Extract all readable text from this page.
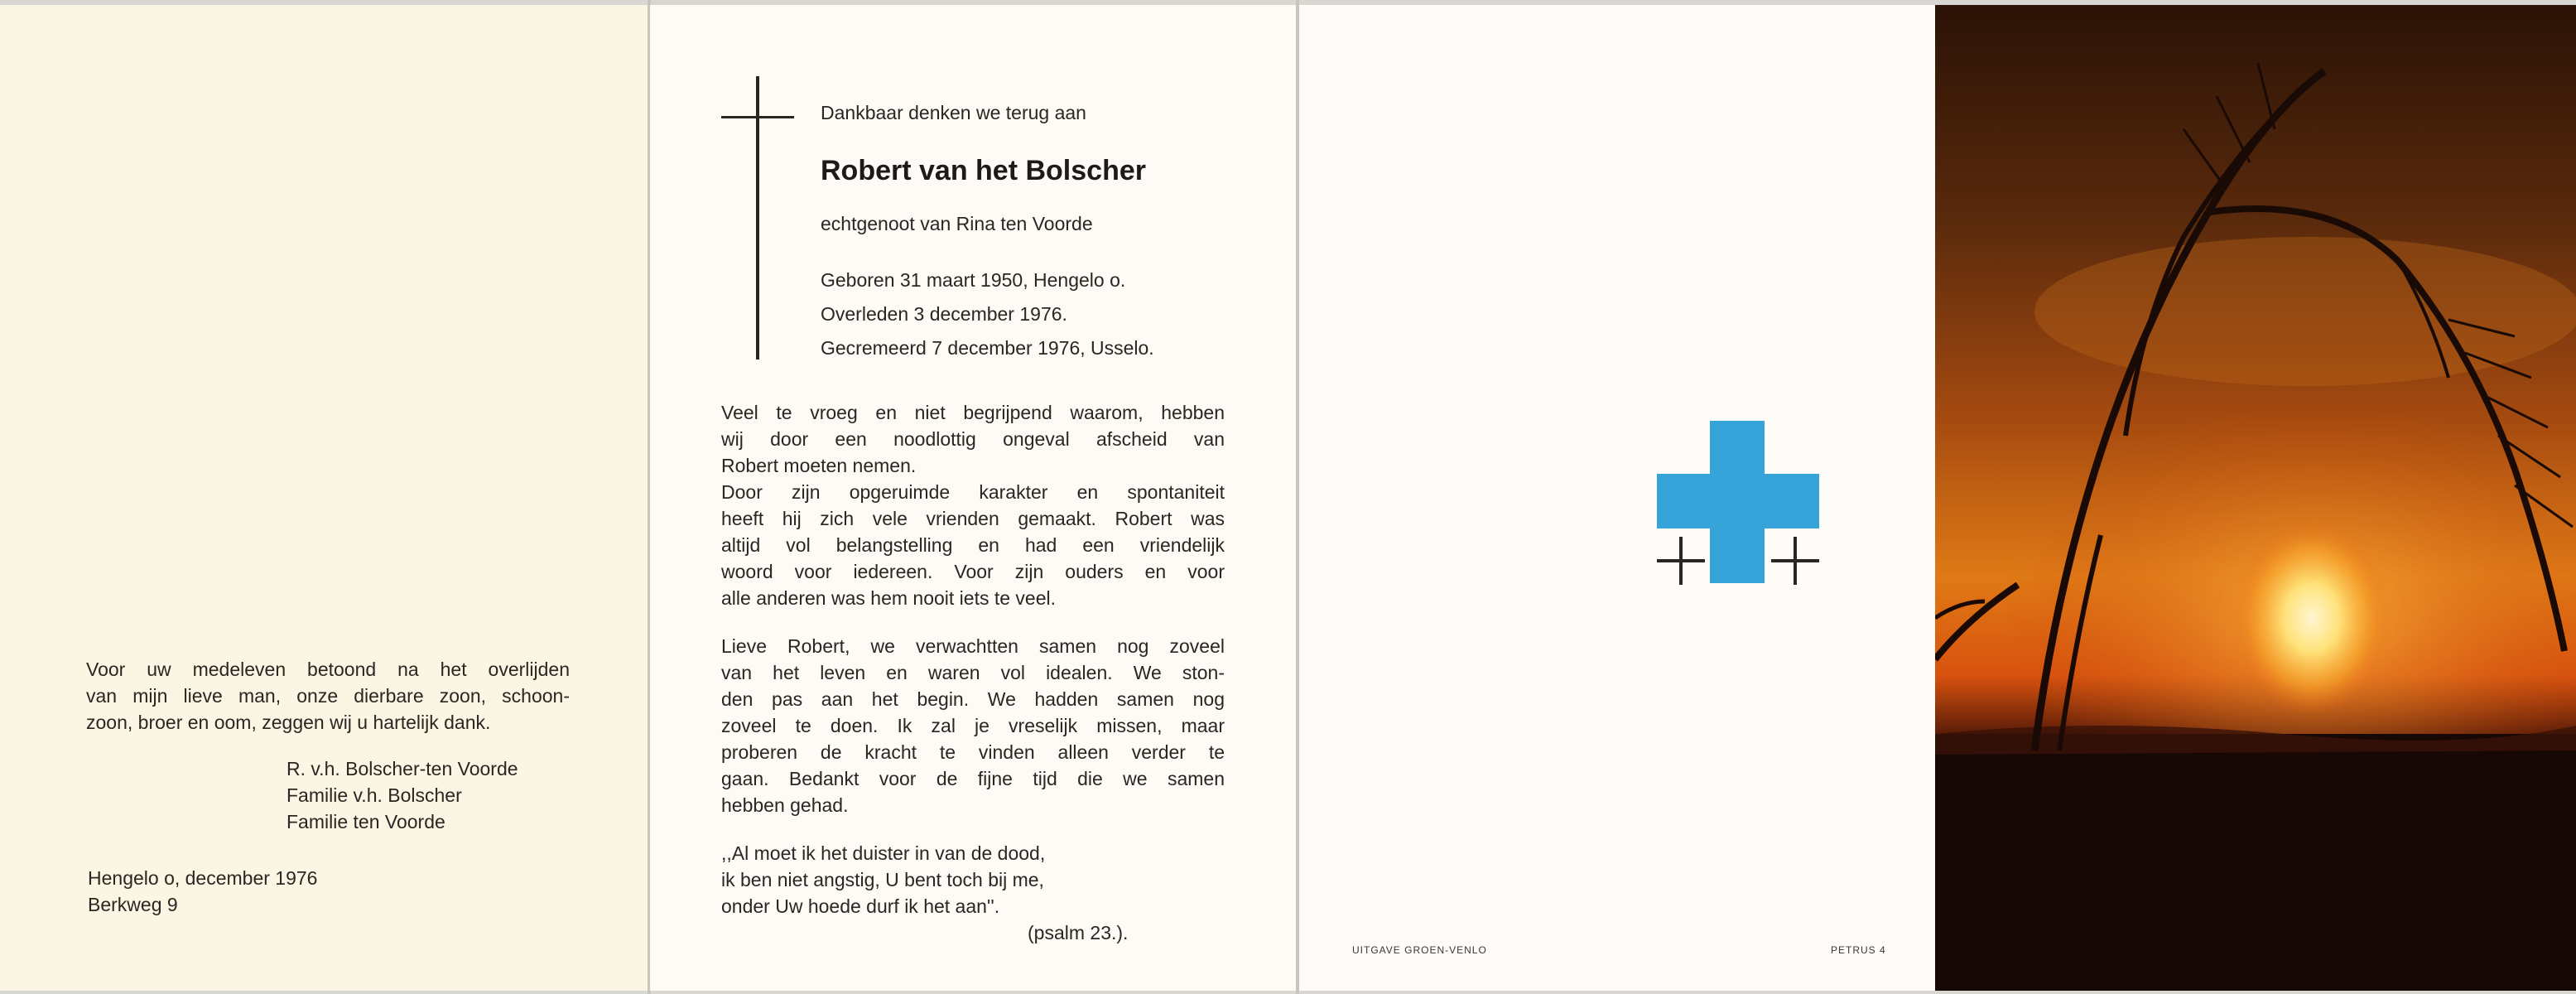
Voor uw medeleven betoond na het overlijden
van mijn lieve man, onze dierbare zoon, schoon-
zoon, broer en oom, zeggen wij u hartelijk dank.
R. v.h. Bolscher-ten Voorde
Familie v.h. Bolscher
Familie ten Voorde
Hengelo o, december 1976
Berkweg 9
Dankbaar denken we terug aan
Robert van het Bolscher
echtgenoot van Rina ten Voorde
Geboren 31 maart 1950, Hengelo o.
Overleden 3 december 1976.
Gecremeerd 7 december 1976, Usselo.
Veel te vroeg en niet begrijpend waarom, hebben
wij door een noodlottig ongeval afscheid van
Robert moeten nemen.
Door zijn opgeruimde karakter en spontaniteit
heeft hij zich vele vrienden gemaakt. Robert was
altijd vol belangstelling en had een vriendelijk
woord voor iedereen. Voor zijn ouders en voor
alle anderen was hem nooit iets te veel.
Lieve Robert, we verwachtten samen nog zoveel
van het leven en waren vol idealen. We ston-
den pas aan het begin. We hadden samen nog
zoveel te doen. Ik zal je vreselijk missen, maar
proberen de kracht te vinden alleen verder te
gaan. Bedankt voor de fijne tijd die we samen
hebben gehad.
,,Al moet ik het duister in van de dood,
ik ben niet angstig, U bent toch bij me,
onder Uw hoede durf ik het aan''.
(psalm 23.).
UITGAVE GROEN-VENLO	PETRUS 4
